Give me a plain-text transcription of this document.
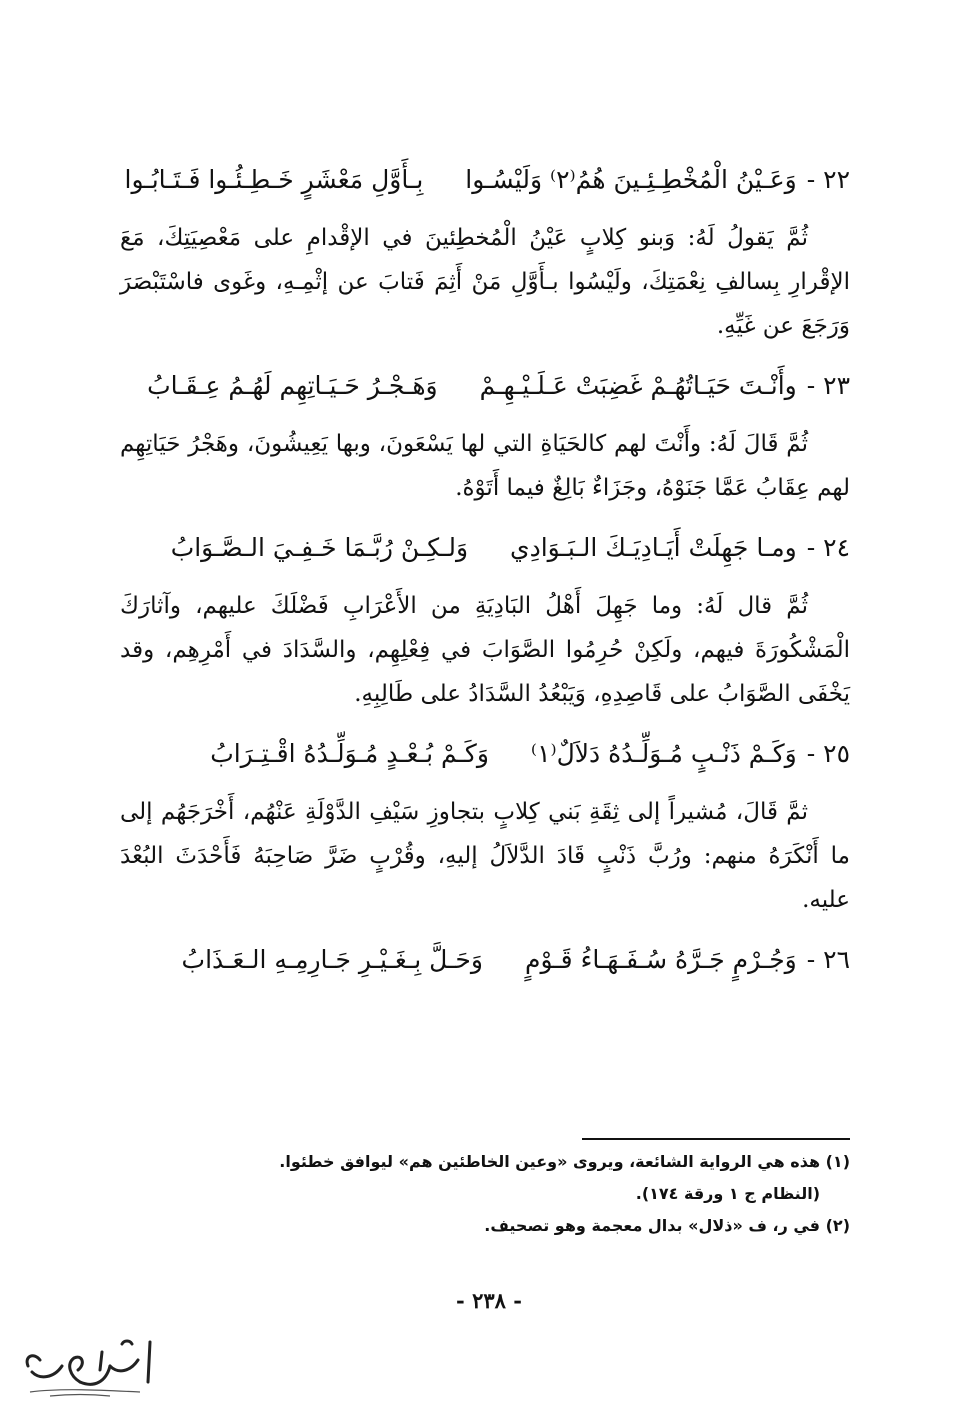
٢٢ -
وَعَـيْنُ الْمُخْطِـئِـينَ هُمُ⁽٢⁾ وَلَيْسُـوا
بِـأَوَّلِ مَعْشَرٍ خَـطِـئُـوا فَـتَـابُـوا

ثُمَّ يَقولُ لَهُ: وَبنو كِلابٍ عَيْنُ الْمُخطِئينَ في الإقْدامِ على مَعْصِيَتِكَ، مَعَ الإقْرارِ بِسالفِ نِعْمَتِكَ، ولَيْسُوا بـأَوَّلِ مَنْ أَثِمَ فَتابَ عن إثْمِـهِ، وغَوى فاسْتَبْصَرَ وَرَجَعَ عن غَيِّهِ.

٢٣ -
وأَنْـتَ حَيَـاتُهُـمْ غَضِبَتْ عَـلَـيْـهِـمْ
وَهَـجْـرُ حَـيَـاتِهِم لَهُـمُ عِـقَـابُ

ثُمَّ قَالَ لَهُ: وأَنْتَ لهم كالحَيَاةِ التي لها يَسْعَونَ، وبها يَعِيشُونَ، وهَجْرُ حَيَاتِهِم لهم عِقَابُ عَمَّا جَنَوْهُ، وجَزَاءٌ بَالِغٌ فيما أَتَوْهُ.

٢٤ -
ومـا جَهِلَتْ أَيَـادِيَـكَ الـبَـوَادِي
وَلـكِـنْ رُبَّـمَا خَـفِـيَ الـصَّـوَابُ

ثُمَّ قال لَهُ: وما جَهِلَ أَهْلُ البَادِيَةِ من الأَعْرَابِ فَضْلَكَ عليهم، وآثارَكَ الْمَشْكُورَةَ فيهم، ولَكِنْ حُرِمُوا الصَّوَابَ في فِعْلِهِم، والسَّدَادَ في أَمْرِهِم، وقد يَخْفَى الصَّوَابُ على قَاصِدِهِ، وَيَبْعُدُ السَّدَادُ على طَالِبِهِ.

٢٥ -
وَكَـمْ ذَنْـبٍ مُـوَلِّـدُهُ دَلاَلٌ⁽١⁾
وَكَـمْ بُـعْـدٍ مُـوَلِّـدُهُ اقْـتِـرَابُ

ثمَّ قَالَ، مُشيراً إلى ثِقَةِ بَني كِلابٍ بتجاوزِ سَيْفِ الدَّوْلَةِ عَنْهُم، أَخْرَجَهُم إلى ما أَنْكَرَهُ منهم: ورُبَّ ذَنْبٍ قَادَ الدَّلاَلُ إليهِ، وقُرْبٍ ضَرَّ صَاحِبَهُ فَأَحْدَثَ البُعْدَ عليه.

٢٦ -
وَجُـرْمٍ جَـرَّهُ سُـفَـهَـاءُ قَـوْمٍ
وَحَـلَّ بِـغَـيْـرِ جَـارِمِـهِ الـعَـذَابُ
(١) هذه هي الرواية الشائعة، ويروى «وعين الخاطئين هم» ليوافق خطئوا.
(النظام ج ١ ورقة ١٧٤).
(٢) في ر، ف «ذلال» بدال معجمة وهو تصحيف.
- ٢٣٨ -
